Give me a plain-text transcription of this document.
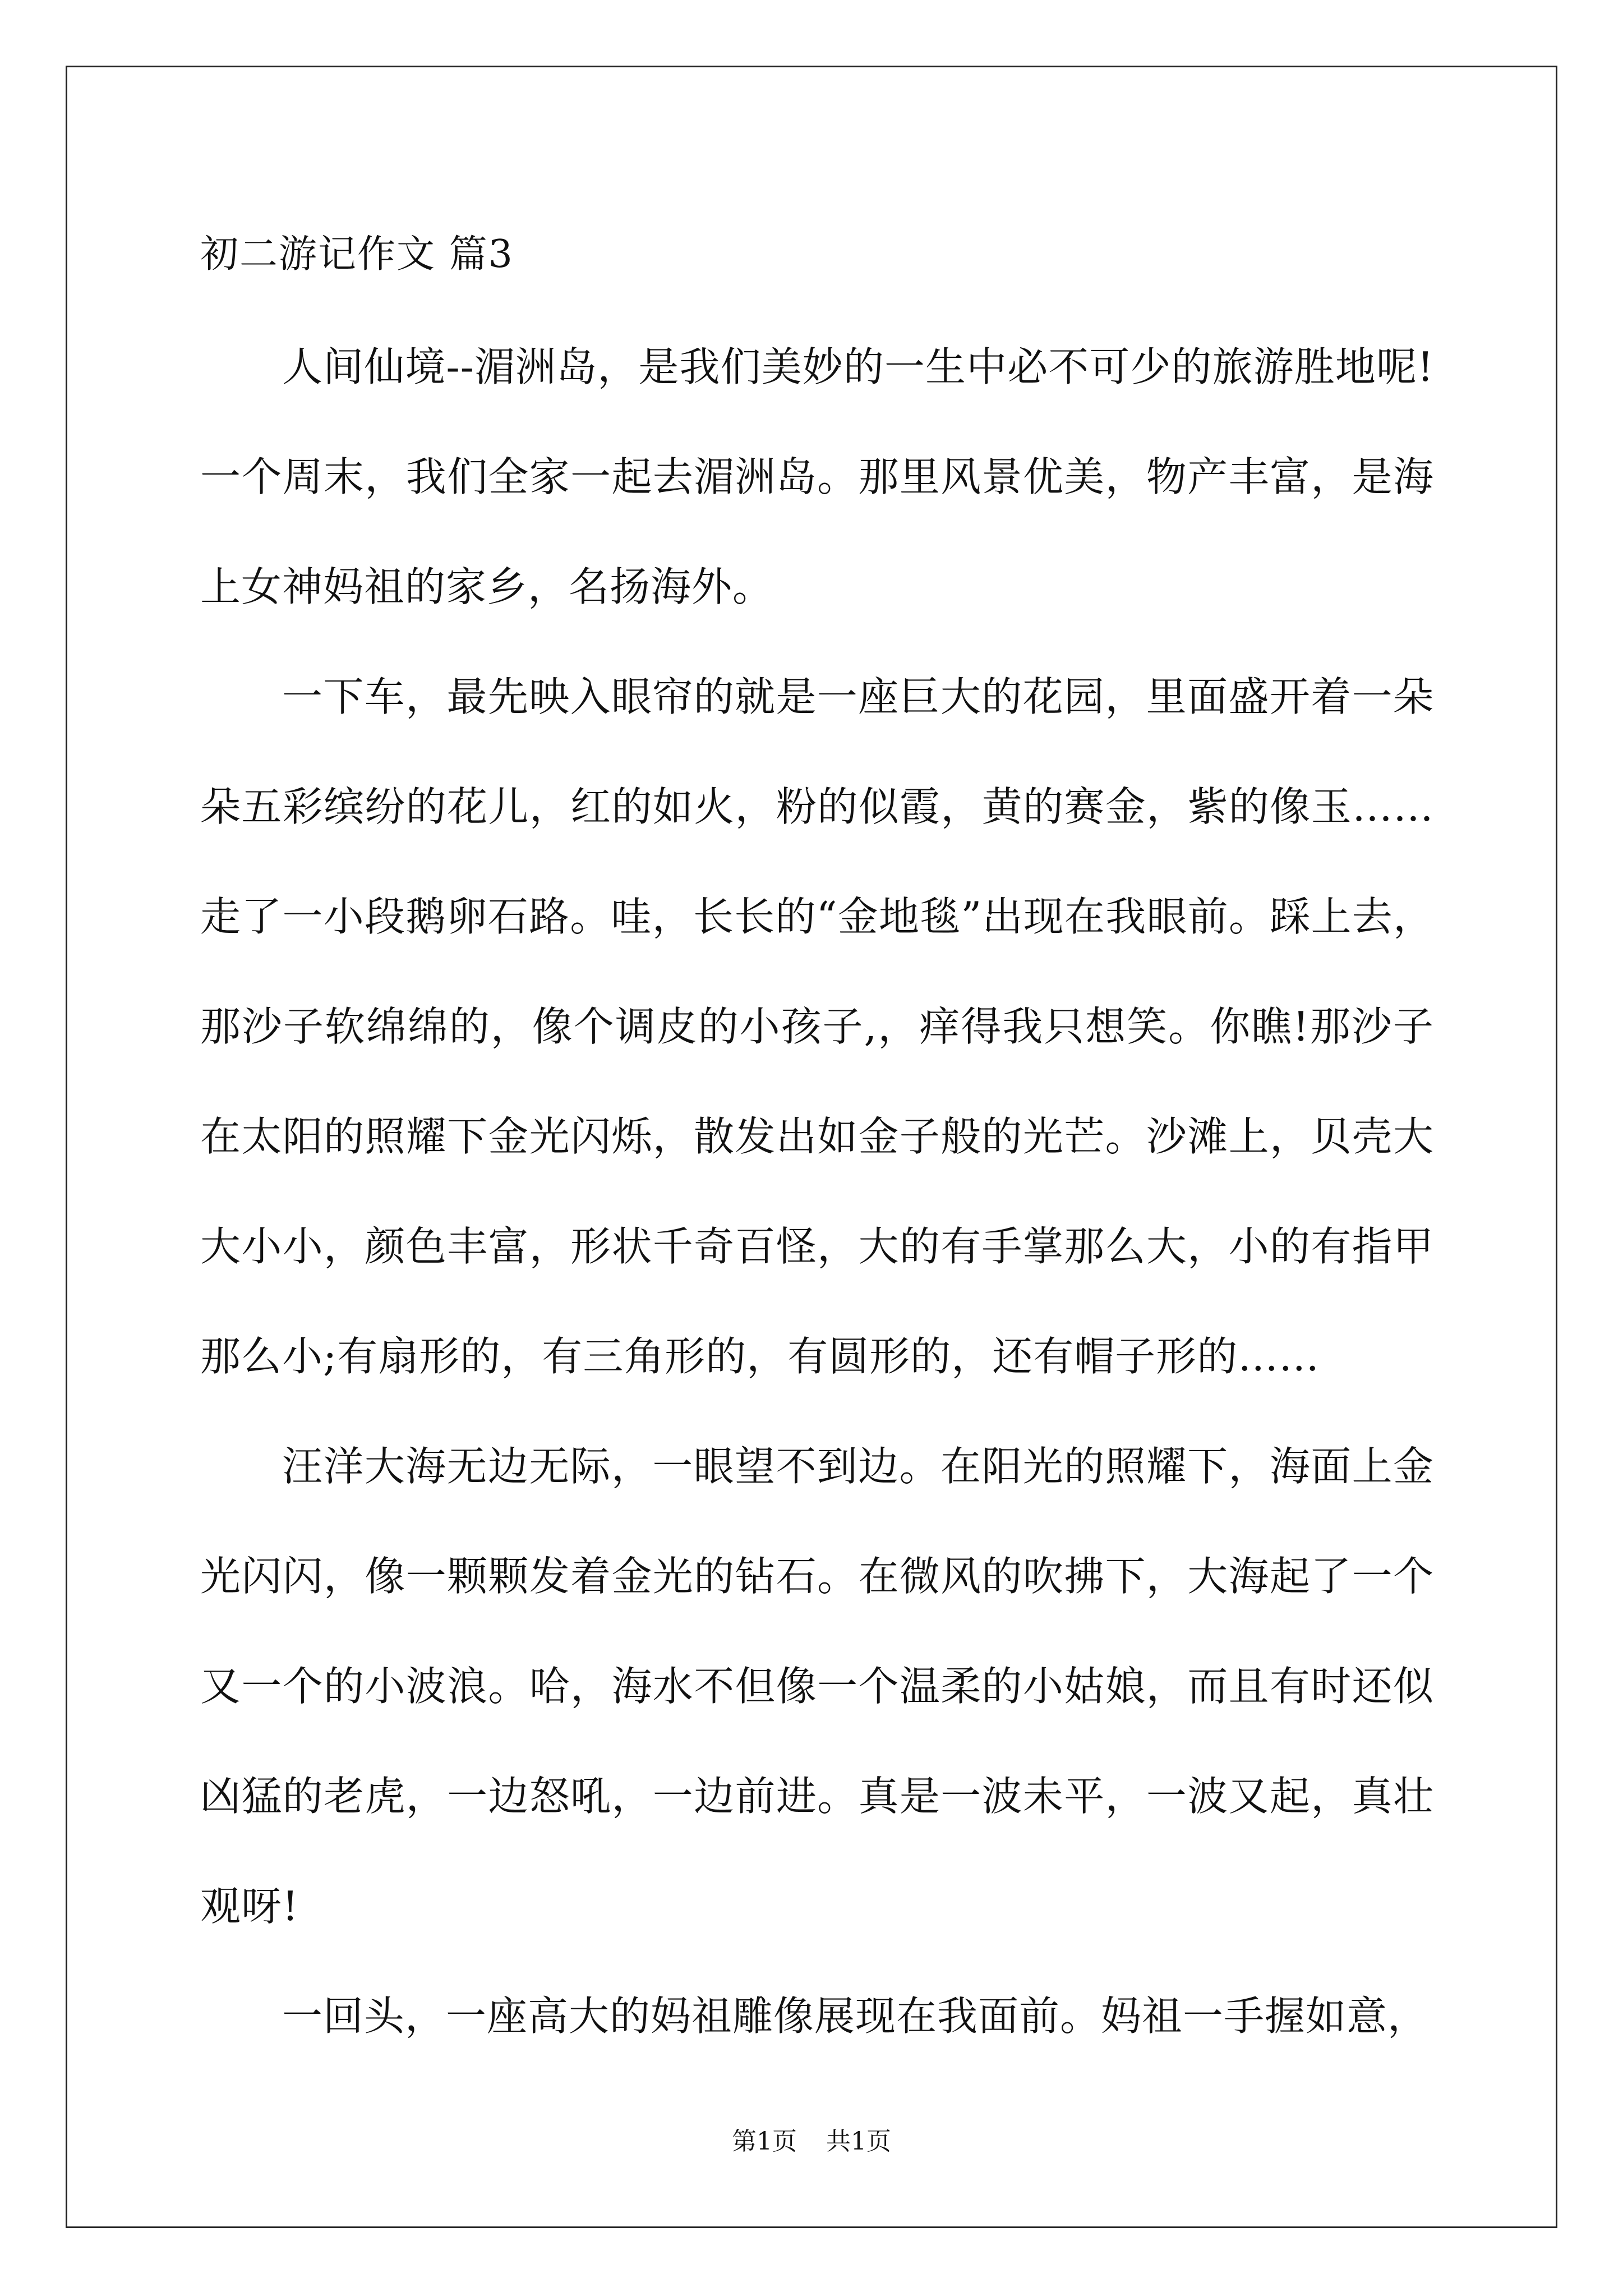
初二游记作文 篇3

人间仙境--湄洲岛，是我们美妙的一生中必不可少的旅游胜地呢!一个周末，我们全家一起去湄洲岛。那里风景优美，物产丰富，是海上女神妈祖的家乡，名扬海外。

一下车，最先映入眼帘的就是一座巨大的花园，里面盛开着一朵朵五彩缤纷的花儿，红的如火，粉的似霞，黄的赛金，紫的像玉……走了一小段鹅卵石路。哇，长长的“金地毯”出现在我眼前。踩上去，那沙子软绵绵的，像个调皮的小孩子,，痒得我只想笑。你瞧!那沙子在太阳的照耀下金光闪烁，散发出如金子般的光芒。沙滩上，贝壳大大小小，颜色丰富，形状千奇百怪，大的有手掌那么大，小的有指甲那么小;有扇形的，有三角形的，有圆形的，还有帽子形的……

汪洋大海无边无际，一眼望不到边。在阳光的照耀下，海面上金光闪闪，像一颗颗发着金光的钻石。在微风的吹拂下，大海起了一个又一个的小波浪。哈，海水不但像一个温柔的小姑娘，而且有时还似凶猛的老虎，一边怒吼，一边前进。真是一波未平，一波又起，真壮观呀!

一回头，一座高大的妈祖雕像展现在我面前。妈祖一手握如意，

第1页 共1页
